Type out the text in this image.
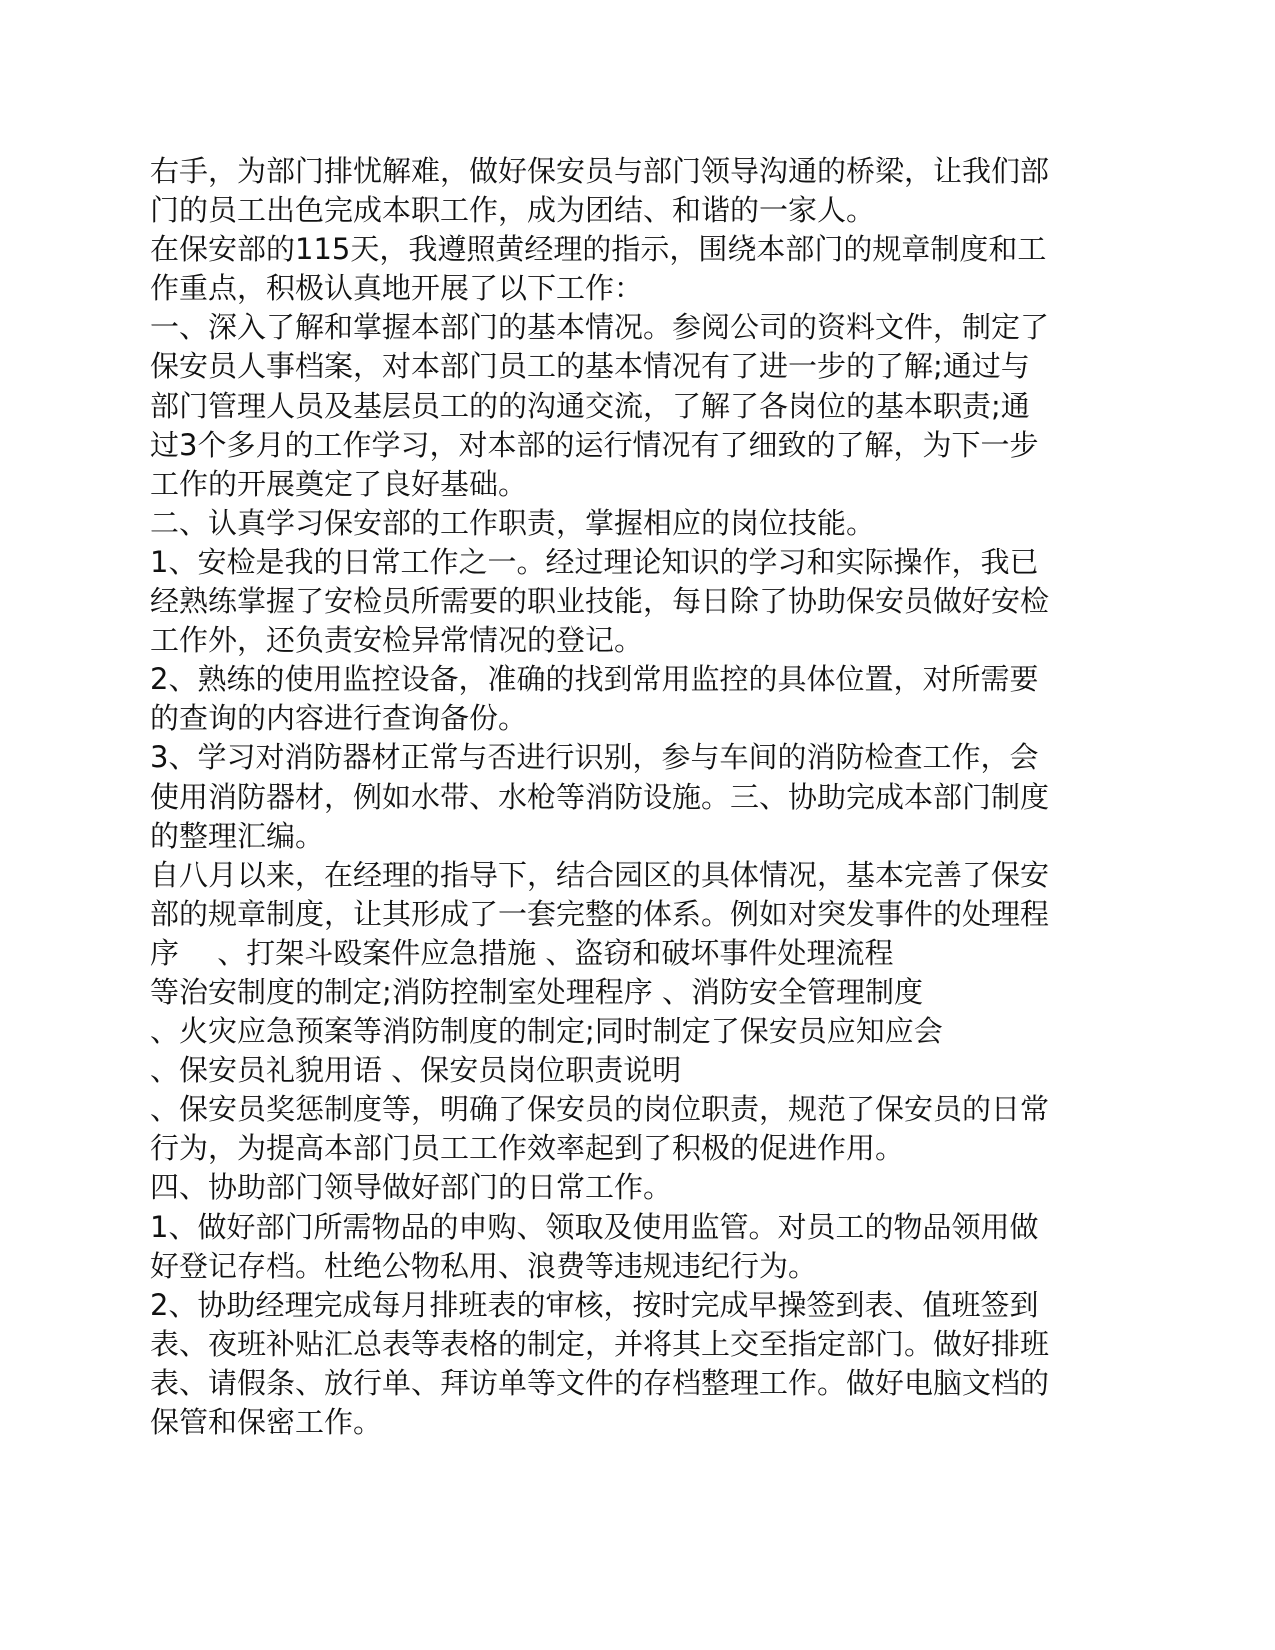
右手，为部门排忧解难，做好保安员与部门领导沟通的桥梁，让我们部
门的员工出色完成本职工作，成为团结、和谐的一家人。
在保安部的115天，我遵照黄经理的指示，围绕本部门的规章制度和工
作重点，积极认真地开展了以下工作：
一、深入了解和掌握本部门的基本情况。参阅公司的资料文件，制定了
保安员人事档案，对本部门员工的基本情况有了进一步的了解;通过与
部门管理人员及基层员工的的沟通交流，了解了各岗位的基本职责;通
过3个多月的工作学习，对本部的运行情况有了细致的了解，为下一步
工作的开展奠定了良好基础。
二、认真学习保安部的工作职责，掌握相应的岗位技能。
1、安检是我的日常工作之一。经过理论知识的学习和实际操作，我已
经熟练掌握了安检员所需要的职业技能，每日除了协助保安员做好安检
工作外，还负责安检异常情况的登记。
2、熟练的使用监控设备，准确的找到常用监控的具体位置，对所需要
的查询的内容进行查询备份。
3、学习对消防器材正常与否进行识别，参与车间的消防检查工作，会
使用消防器材，例如水带、水枪等消防设施。三、协助完成本部门制度
的整理汇编。
自八月以来，在经理的指导下，结合园区的具体情况，基本完善了保安
部的规章制度，让其形成了一套完整的体系。例如对突发事件的处理程
序　 、打架斗殴案件应急措施 、盗窃和破坏事件处理流程
等治安制度的制定;消防控制室处理程序 、消防安全管理制度
、火灾应急预案等消防制度的制定;同时制定了保安员应知应会
、保安员礼貌用语 、保安员岗位职责说明
、保安员奖惩制度等，明确了保安员的岗位职责，规范了保安员的日常
行为，为提高本部门员工工作效率起到了积极的促进作用。
四、协助部门领导做好部门的日常工作。
1、做好部门所需物品的申购、领取及使用监管。对员工的物品领用做
好登记存档。杜绝公物私用、浪费等违规违纪行为。
2、协助经理完成每月排班表的审核，按时完成早操签到表、值班签到
表、夜班补贴汇总表等表格的制定，并将其上交至指定部门。做好排班
表、请假条、放行单、拜访单等文件的存档整理工作。做好电脑文档的
保管和保密工作。
